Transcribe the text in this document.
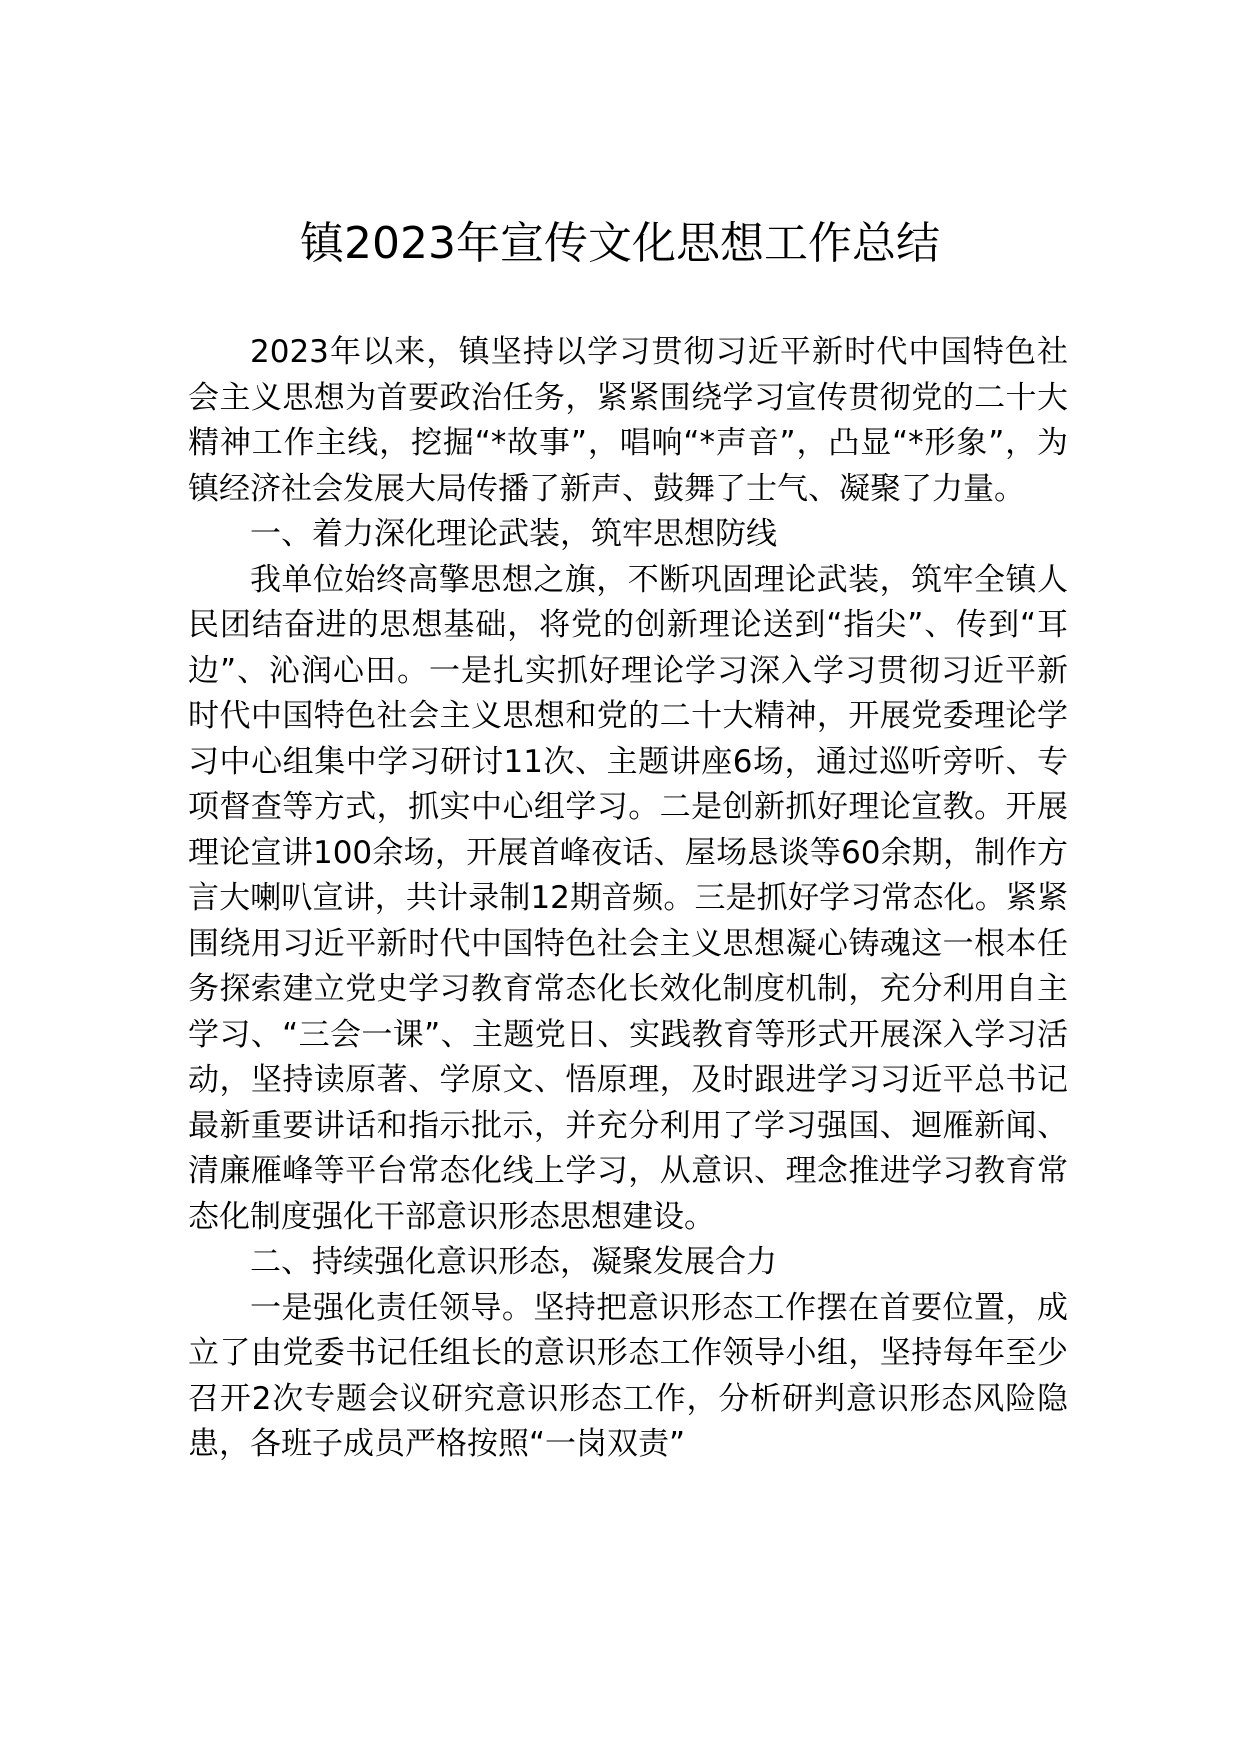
镇2023年宣传文化思想工作总结

2023年以来，镇坚持以学习贯彻习近平新时代中国特色社会主义思想为首要政治任务，紧紧围绕学习宣传贯彻党的二十大精神工作主线，挖掘“*故事”，唱响“*声音”，凸显“*形象”，为镇经济社会发展大局传播了新声、鼓舞了士气、凝聚了力量。

一、着力深化理论武装，筑牢思想防线

我单位始终高擎思想之旗，不断巩固理论武装，筑牢全镇人民团结奋进的思想基础，将党的创新理论送到“指尖”、传到“耳边”、沁润心田。一是扎实抓好理论学习深入学习贯彻习近平新时代中国特色社会主义思想和党的二十大精神，开展党委理论学习中心组集中学习研讨11次、主题讲座6场，通过巡听旁听、专项督查等方式，抓实中心组学习。二是创新抓好理论宣教。开展理论宣讲100余场，开展首峰夜话、屋场恳谈等60余期，制作方言大喇叭宣讲，共计录制12期音频。三是抓好学习常态化。紧紧围绕用习近平新时代中国特色社会主义思想凝心铸魂这一根本任务探索建立党史学习教育常态化长效化制度机制，充分利用自主学习、“三会一课”、主题党日、实践教育等形式开展深入学习活动，坚持读原著、学原文、悟原理，及时跟进学习习近平总书记最新重要讲话和指示批示，并充分利用了学习强国、迴雁新闻、清廉雁峰等平台常态化线上学习，从意识、理念推进学习教育常态化制度强化干部意识形态思想建设。

二、持续强化意识形态，凝聚发展合力

一是强化责任领导。坚持把意识形态工作摆在首要位置，成立了由党委书记任组长的意识形态工作领导小组，坚持每年至少召开2次专题会议研究意识形态工作，分析研判意识形态风险隐患，各班子成员严格按照“一岗双责”
